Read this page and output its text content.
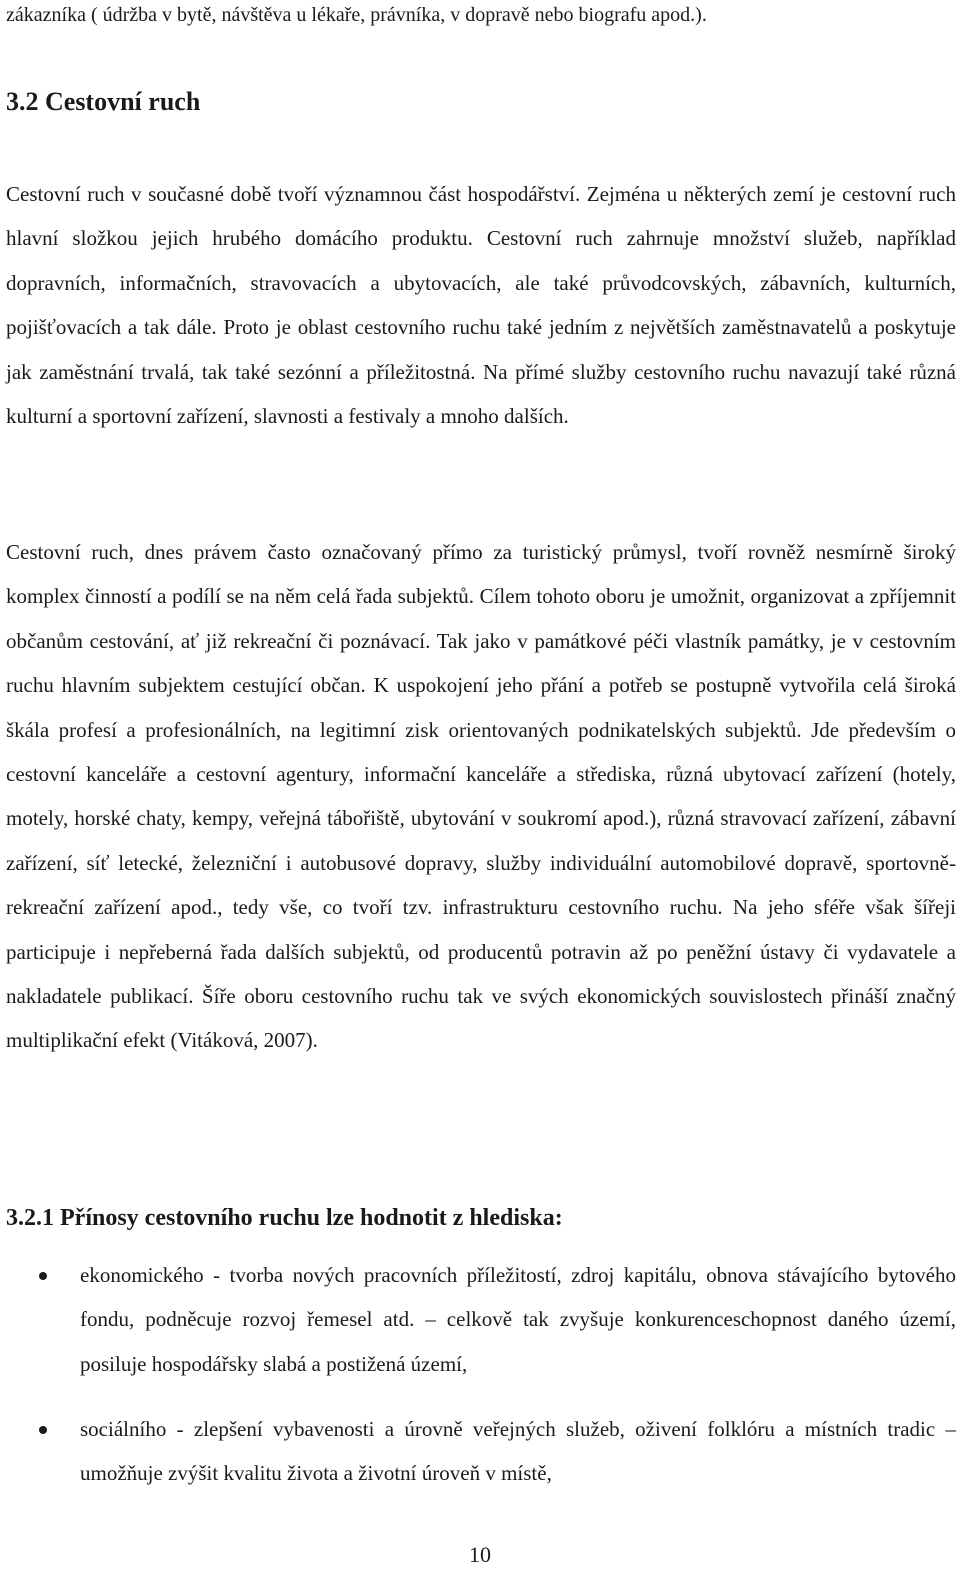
zákazníka ( údržba v bytě, návštěva u lékaře, právníka, v dopravě nebo biografu apod.).
3.2 Cestovní ruch

Cestovní ruch v současné době tvoří významnou část hospodářství. Zejména u některých zemí je cestovní ruch hlavní složkou jejich hrubého domácího produktu. Cestovní ruch zahrnuje množství služeb, například dopravních, informačních, stravovacích a ubytovacích, ale také průvodcovských, zábavních, kulturních, pojišťovacích a tak dále. Proto je oblast cestovního ruchu také jedním z největších zaměstnavatelů a poskytuje jak zaměstnání trvalá, tak také sezónní a příležitostná. Na přímé služby cestovního ruchu navazují také různá kulturní a sportovní zařízení, slavnosti a festivaly a mnoho dalších.

Cestovní ruch, dnes právem často označovaný přímo za turistický průmysl, tvoří rovněž nesmírně široký komplex činností a podílí se na něm celá řada subjektů. Cílem tohoto oboru je umožnit, organizovat a zpříjemnit občanům cestování, ať již rekreační či poznávací. Tak jako v památkové péči vlastník památky, je v cestovním ruchu hlavním subjektem cestující občan. K uspokojení jeho přání a potřeb se postupně vytvořila celá široká škála profesí a profesionálních, na legitimní zisk orientovaných podnikatelských subjektů. Jde především o cestovní kanceláře a cestovní agentury, informační kanceláře a střediska, různá ubytovací zařízení (hotely, motely, horské chaty, kempy, veřejná tábořiště, ubytování v soukromí apod.), různá stravovací zařízení, zábavní zařízení, síť letecké, železniční i autobusové dopravy, služby individuální automobilové dopravě, sportovně-rekreační zařízení apod., tedy vše, co tvoří tzv. infrastrukturu cestovního ruchu. Na jeho sféře však šířeji participuje i nepřeberná řada dalších subjektů, od producentů potravin až po peněžní ústavy či vydavatele a nakladatele publikací. Šíře oboru cestovního ruchu tak ve svých ekonomických souvislostech přináší značný multiplikační efekt (Vitáková, 2007).

3.2.1 Přínosy cestovního ruchu lze hodnotit z hlediska:
ekonomického - tvorba nových pracovních příležitostí, zdroj kapitálu, obnova stávajícího bytového fondu, podněcuje rozvoj řemesel atd. – celkově tak zvyšuje konkurenceschopnost daného území, posiluje hospodářsky slabá a postižená území,
sociálního - zlepšení vybavenosti a úrovně veřejných služeb, oživení folklóru a místních tradic – umožňuje zvýšit kvalitu života a životní úroveň v místě,
10
